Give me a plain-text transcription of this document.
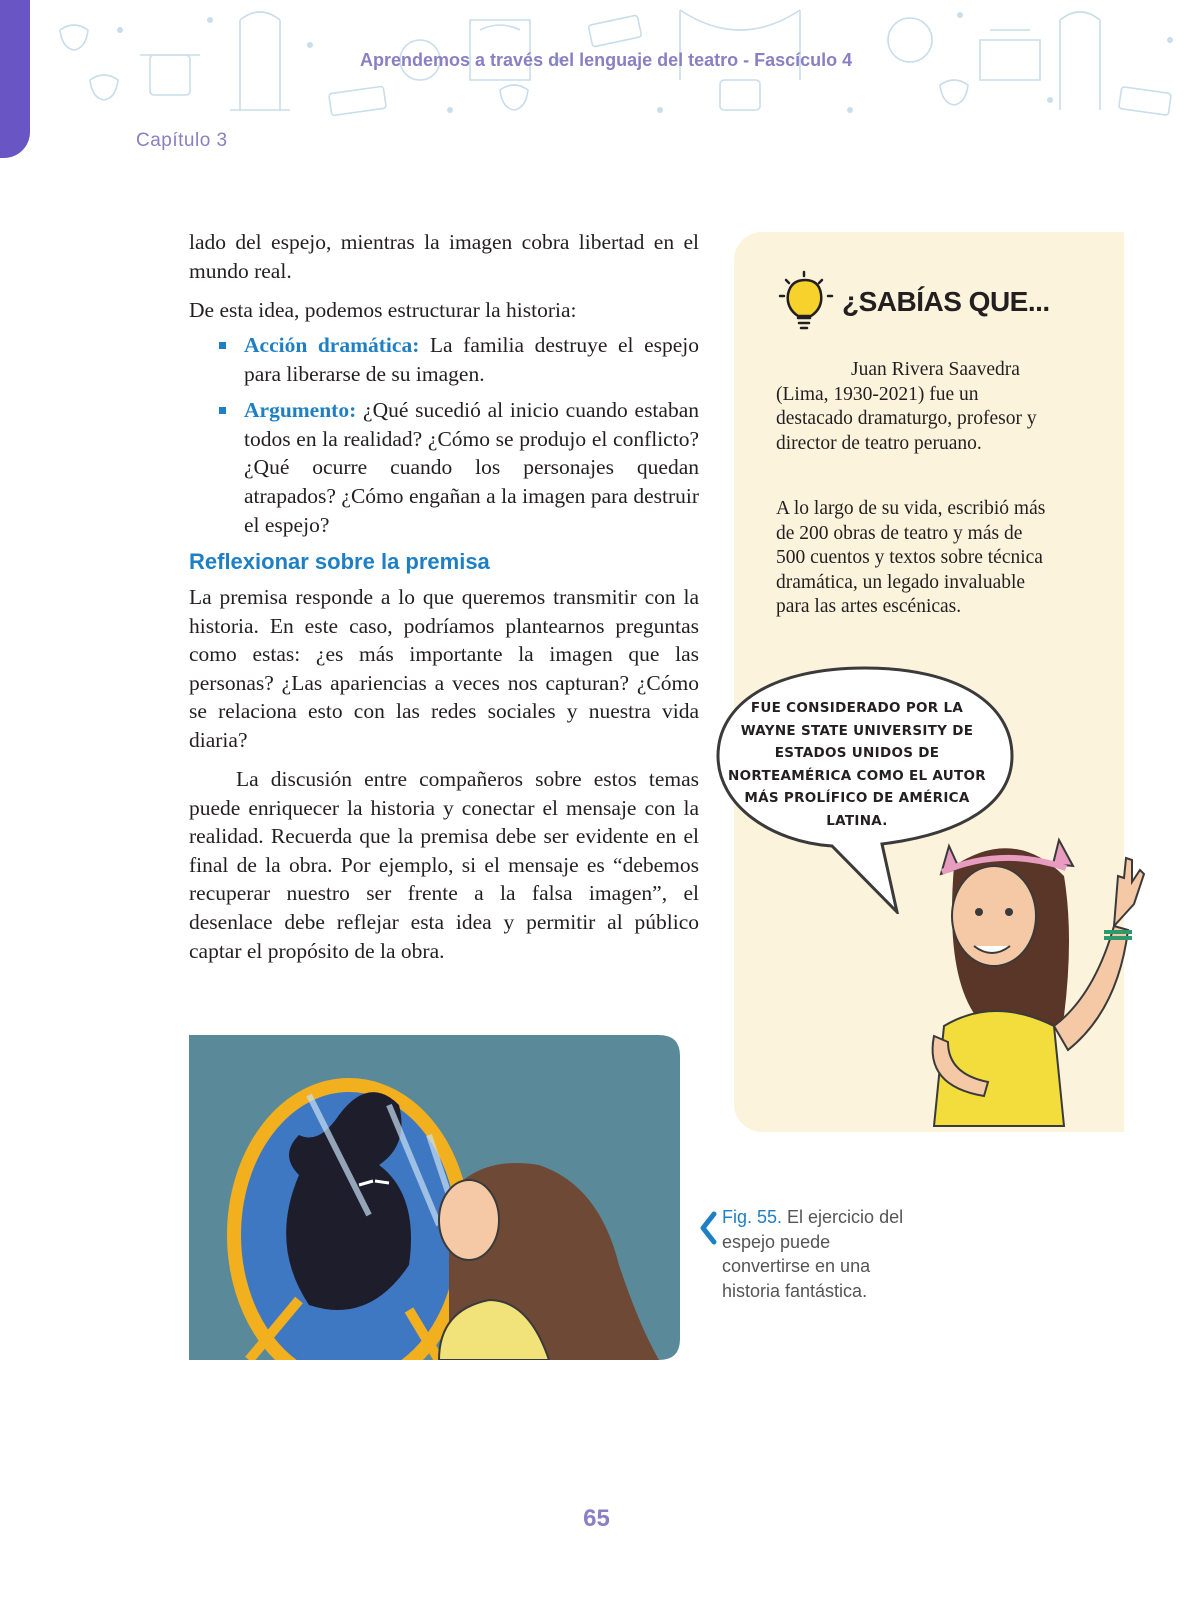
Aprendemos a través del lenguaje del teatro - Fascículo 4
Capítulo 3

lado del espejo, mientras la imagen cobra libertad en el mundo real.

De esta idea, podemos estructurar la historia:

Acción dramática: La familia destruye el espejo para liberarse de su imagen.
Argumento: ¿Qué sucedió al inicio cuando estaban todos en la realidad? ¿Cómo se produjo el conflicto? ¿Qué ocurre cuando los personajes quedan atrapados? ¿Cómo engañan a la imagen para destruir el espejo?
Reflexionar sobre la premisa

La premisa responde a lo que queremos transmitir con la historia. En este caso, podríamos plantearnos preguntas como estas: ¿es más importante la imagen que las personas? ¿Las apariencias a veces nos capturan? ¿Cómo se relaciona esto con las redes sociales y nuestra vida diaria?

La discusión entre compañeros sobre estos temas puede enriquecer la historia y conectar el mensaje con la realidad. Recuerda que la premisa debe ser evidente en el final de la obra. Por ejemplo, si el mensaje es “debemos recuperar nuestro ser frente a la falsa imagen”, el desenlace debe reflejar esta idea y permitir al público captar el propósito de la obra.

¿SABÍAS QUE...
Juan Rivera Saavedra (Lima, 1930-2021) fue un destacado dramaturgo, profesor y director de teatro peruano.
A lo largo de su vida, escribió más de 200 obras de teatro y más de 500 cuentos y textos sobre técnica dramática, un legado invaluable para las artes escénicas.
FUE CONSIDERADO POR LA WAYNE STATE UNIVERSITY DE ESTADOS UNIDOS DE NORTEAMÉRICA COMO EL AUTOR MÁS PROLÍFICO DE AMÉRICA LATINA.
Fig. 55. El ejercicio del espejo puede convertirse en una historia fantástica.
65
